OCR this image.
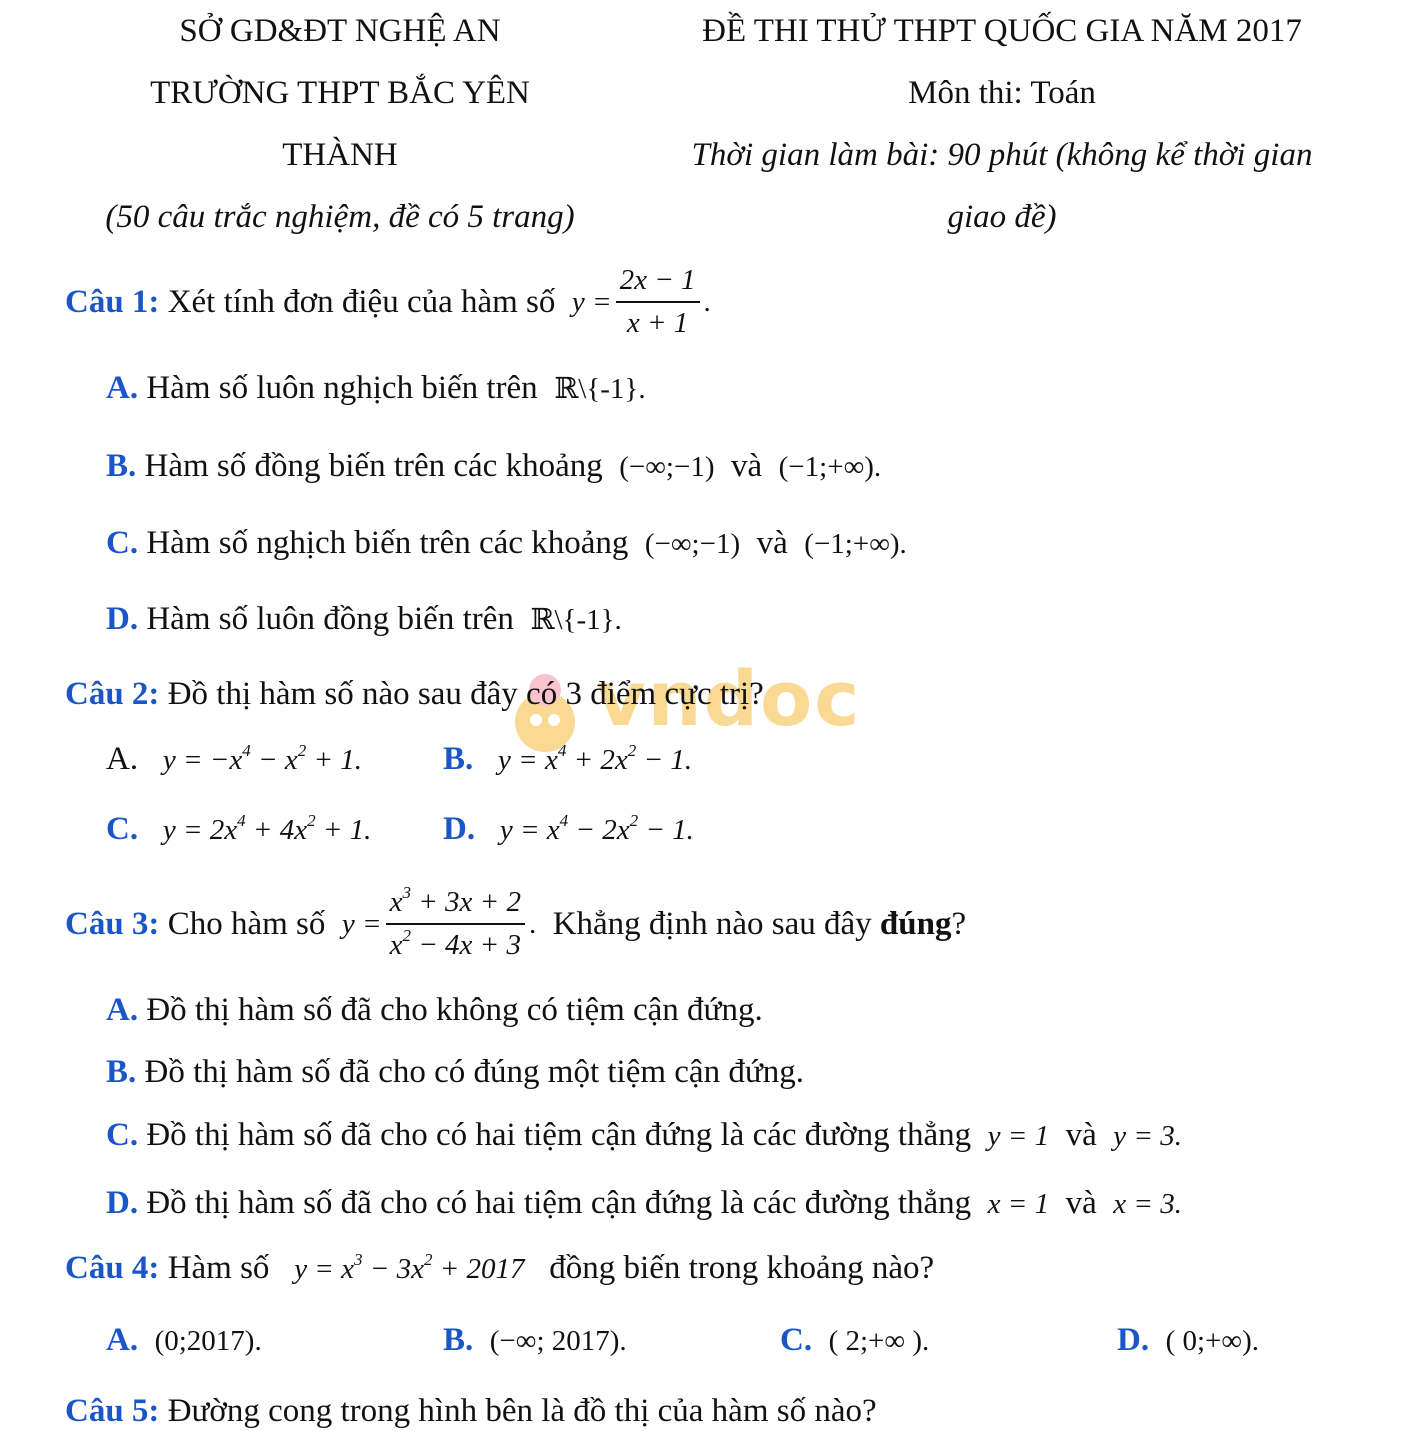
SỞ GD&ĐT NGHỆ AN
TRƯỜNG THPT BẮC YÊN
THÀNH
(50 câu trắc nghiệm, đề có 5 trang)
ĐỀ THI THỬ THPT QUỐC GIA NĂM 2017
Môn thi: Toán
Thời gian làm bài: 90 phút (không kể thời gian
giao đề)
vndoc
Câu 1:
Xét tính đơn điệu của hàm số
$y = \frac{2x - 1}{x + 1}$ .
A. Hàm số luôn nghịch biến trên ℝ\{-1}.
B. Hàm số đồng biến trên các khoảng (−∞;−1) và (−1;+∞).
C. Hàm số nghịch biến trên các khoảng (−∞;−1) và (−1;+∞).
D. Hàm số luôn đồng biến trên ℝ\{-1}.
Câu 2: Đồ thị hàm số nào sau đây có 3 điểm cực trị?
A. $y = -x^4 - x^2 + 1$. B. $y = x^4 + 2x^2 - 1$.
C. $y = 2x^4 + 4x^2 + 1$. D. $y = x^4 - 2x^2 - 1$.
Câu 3:
Cho hàm số
$y = \frac{x^3 + 3x + 2}{x^2 - 4x + 3}$ .
Khẳng định nào sau đây
đúng ?
A. Đồ thị hàm số đã cho không có tiệm cận đứng.
B. Đồ thị hàm số đã cho có đúng một tiệm cận đứng.
C. Đồ thị hàm số đã cho có hai tiệm cận đứng là các đường thẳng y = 1 và y = 3.
D. Đồ thị hàm số đã cho có hai tiệm cận đứng là các đường thẳng x = 1 và x = 3.
Câu 4: Hàm số $y = x^3 - 3x^2 + 2017$ đồng biến trong khoảng nào?
A. (0;2017).	B. (−∞; 2017).	C. ( 2;+∞ ).	D. ( 0;+∞).
Câu 5: Đường cong trong hình bên là đồ thị của hàm số nào?
